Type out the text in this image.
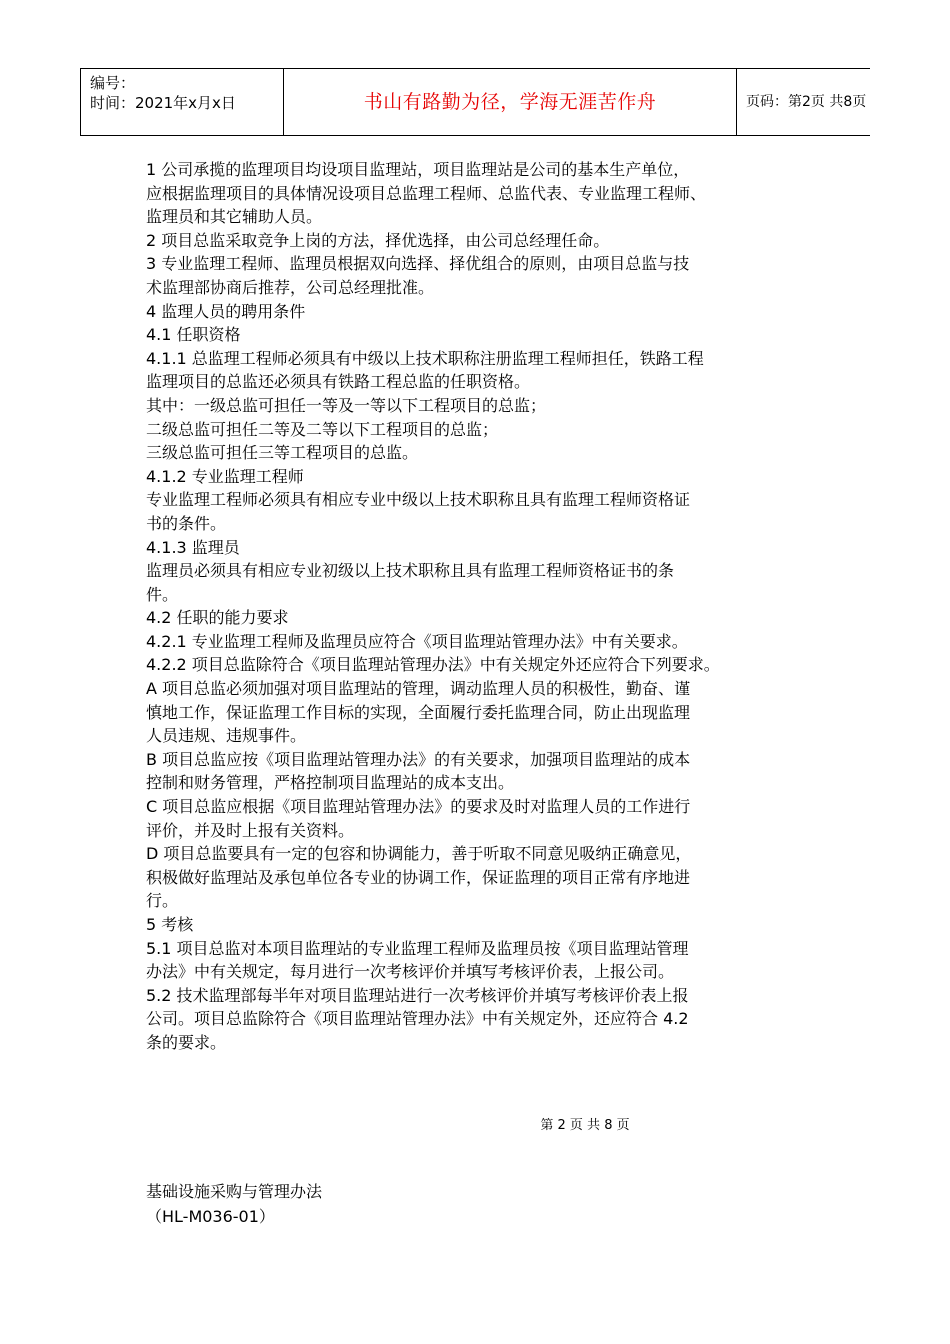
编号：
时间：2021年x月x日	书山有路勤为径，学海无涯苦作舟	页码：第2页 共8页
1 公司承揽的监理项目均设项目监理站，项目监理站是公司的基本生产单位，
应根据监理项目的具体情况设项目总监理工程师、总监代表、专业监理工程师、
监理员和其它辅助人员。
2 项目总监采取竞争上岗的方法，择优选择，由公司总经理任命。
3 专业监理工程师、监理员根据双向选择、择优组合的原则，由项目总监与技
术监理部协商后推荐，公司总经理批准。
4 监理人员的聘用条件
4.1 任职资格
4.1.1 总监理工程师必须具有中级以上技术职称注册监理工程师担任，铁路工程
监理项目的总监还必须具有铁路工程总监的任职资格。
其中：一级总监可担任一等及一等以下工程项目的总监；
二级总监可担任二等及二等以下工程项目的总监；
三级总监可担任三等工程项目的总监。
4.1.2 专业监理工程师
专业监理工程师必须具有相应专业中级以上技术职称且具有监理工程师资格证
书的条件。
4.1.3 监理员
监理员必须具有相应专业初级以上技术职称且具有监理工程师资格证书的条
件。
4.2 任职的能力要求
4.2.1 专业监理工程师及监理员应符合《项目监理站管理办法》中有关要求。
4.2.2 项目总监除符合《项目监理站管理办法》中有关规定外还应符合下列要求。
A 项目总监必须加强对项目监理站的管理，调动监理人员的积极性，勤奋、谨
慎地工作，保证监理工作目标的实现，全面履行委托监理合同，防止出现监理
人员违规、违规事件。
B 项目总监应按《项目监理站管理办法》的有关要求，加强项目监理站的成本
控制和财务管理，严格控制项目监理站的成本支出。
C 项目总监应根据《项目监理站管理办法》的要求及时对监理人员的工作进行
评价，并及时上报有关资料。
D 项目总监要具有一定的包容和协调能力，善于听取不同意见吸纳正确意见，
积极做好监理站及承包单位各专业的协调工作，保证监理的项目正常有序地进
行。
5 考核
5.1 项目总监对本项目监理站的专业监理工程师及监理员按《项目监理站管理
办法》中有关规定，每月进行一次考核评价并填写考核评价表，上报公司。
5.2 技术监理部每半年对项目监理站进行一次考核评价并填写考核评价表上报
公司。项目总监除符合《项目监理站管理办法》中有关规定外，还应符合 4.2
条的要求。
第 2 页 共 8 页
基础设施采购与管理办法
（HL-M036-01）
